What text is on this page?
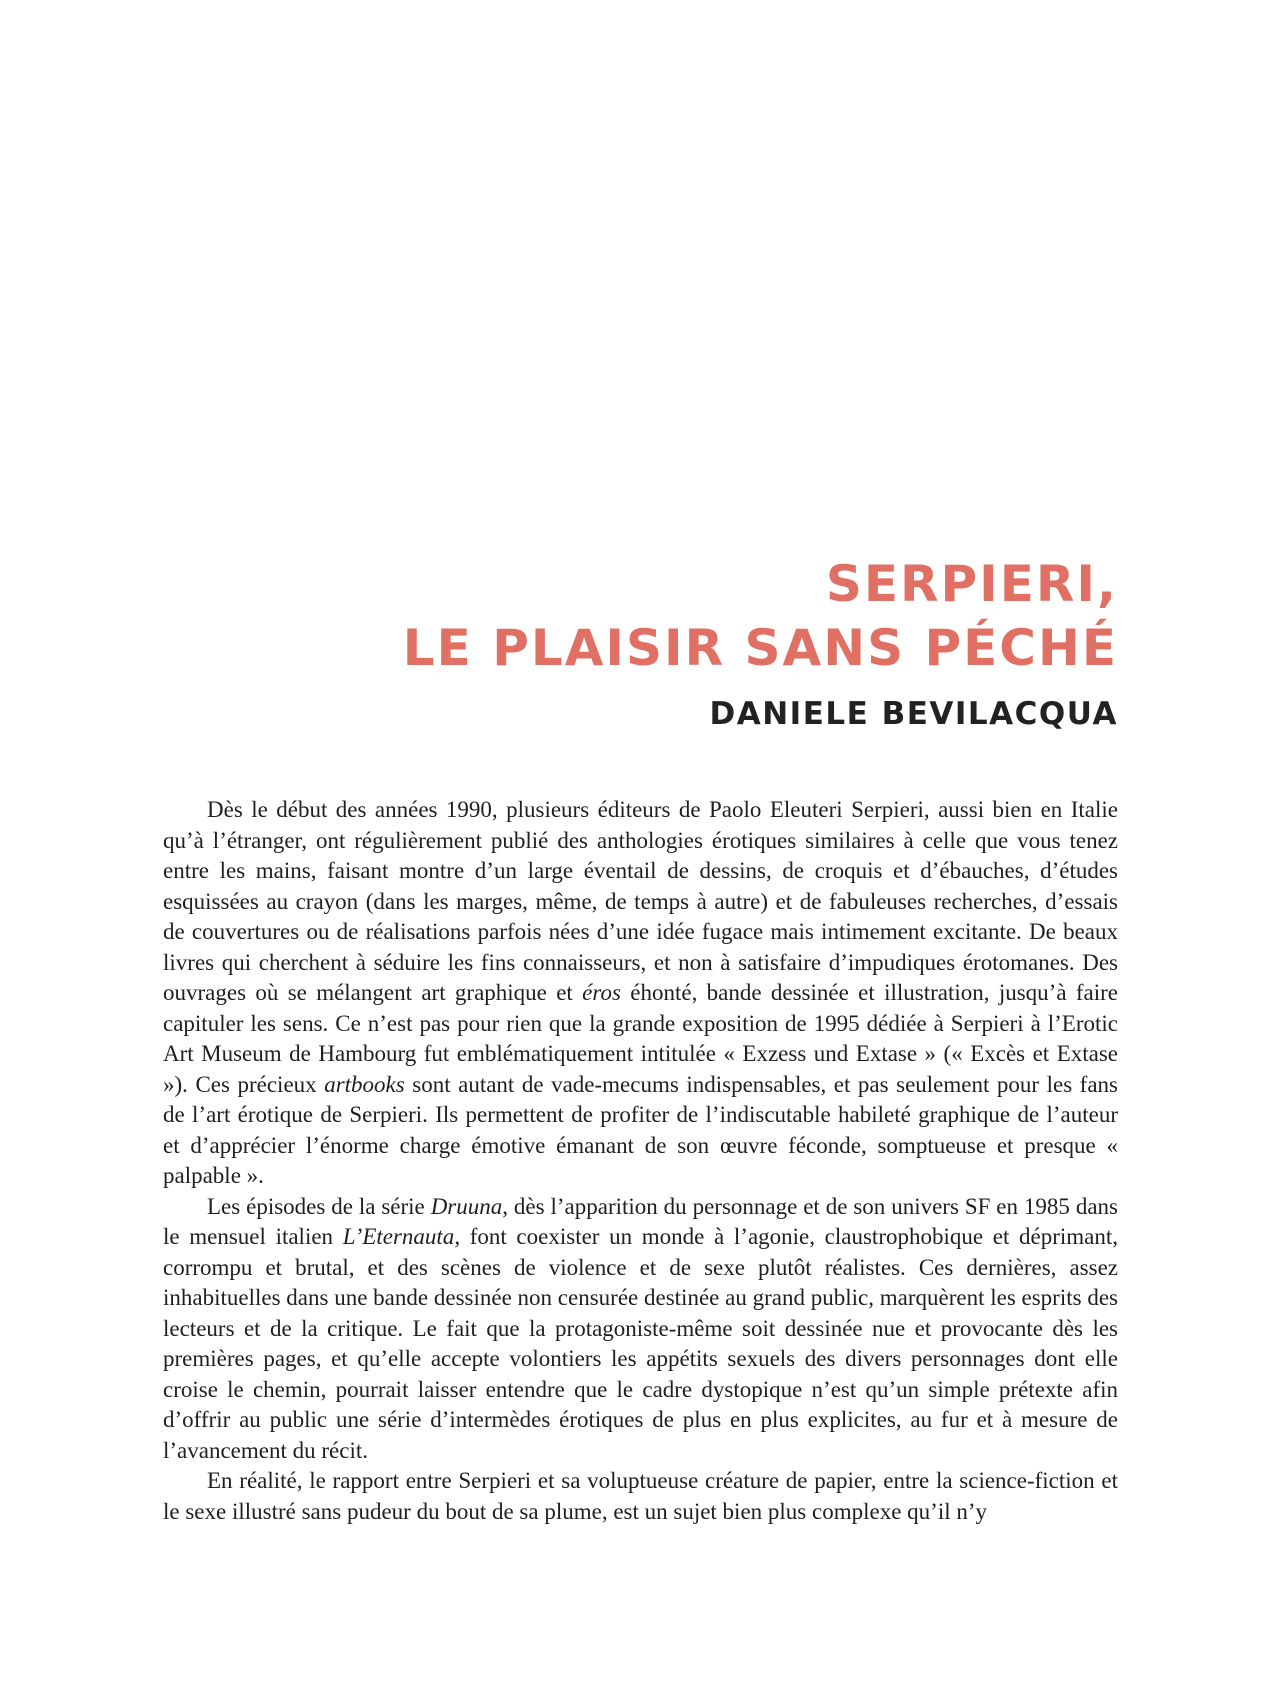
SERPIERI,
LE PLAISIR SANS PÉCHÉ
DANIELE BEVILACQUA

Dès le début des années 1990, plusieurs éditeurs de Paolo Eleuteri Serpieri, aussi bien en Italie qu’à l’étranger, ont régulièrement publié des anthologies érotiques similaires à celle que vous tenez entre les mains, faisant montre d’un large éventail de dessins, de croquis et d’ébauches, d’études esquissées au crayon (dans les marges, même, de temps à autre) et de fabuleuses recherches, d’essais de couvertures ou de réalisations parfois nées d’une idée fugace mais intimement excitante. De beaux livres qui cherchent à séduire les fins connaisseurs, et non à satisfaire d’impudiques érotomanes. Des ouvrages où se mélangent art graphique et éros éhonté, bande dessinée et illustration, jusqu’à faire capituler les sens. Ce n’est pas pour rien que la grande exposition de 1995 dédiée à Serpieri à l’Erotic Art Museum de Hambourg fut emblématiquement intitulée « Exzess und Extase » (« Excès et Extase »). Ces précieux artbooks sont autant de vade-mecums indispensables, et pas seulement pour les fans de l’art érotique de Serpieri. Ils permettent de profiter de l’indiscutable habileté graphique de l’auteur et d’apprécier l’énorme charge émotive émanant de son œuvre féconde, somptueuse et presque « palpable ».

Les épisodes de la série Druuna, dès l’apparition du personnage et de son univers SF en 1985 dans le mensuel italien L’Eternauta, font coexister un monde à l’agonie, claustrophobique et déprimant, corrompu et brutal, et des scènes de violence et de sexe plutôt réalistes. Ces dernières, assez inhabituelles dans une bande dessinée non censurée destinée au grand public, marquèrent les esprits des lecteurs et de la critique. Le fait que la protagoniste-même soit dessinée nue et provocante dès les premières pages, et qu’elle accepte volontiers les appétits sexuels des divers personnages dont elle croise le chemin, pourrait laisser entendre que le cadre dystopique n’est qu’un simple prétexte afin d’offrir au public une série d’intermèdes érotiques de plus en plus explicites, au fur et à mesure de l’avancement du récit.

En réalité, le rapport entre Serpieri et sa voluptueuse créature de papier, entre la science-fiction et le sexe illustré sans pudeur du bout de sa plume, est un sujet bien plus complexe qu’il n’y
